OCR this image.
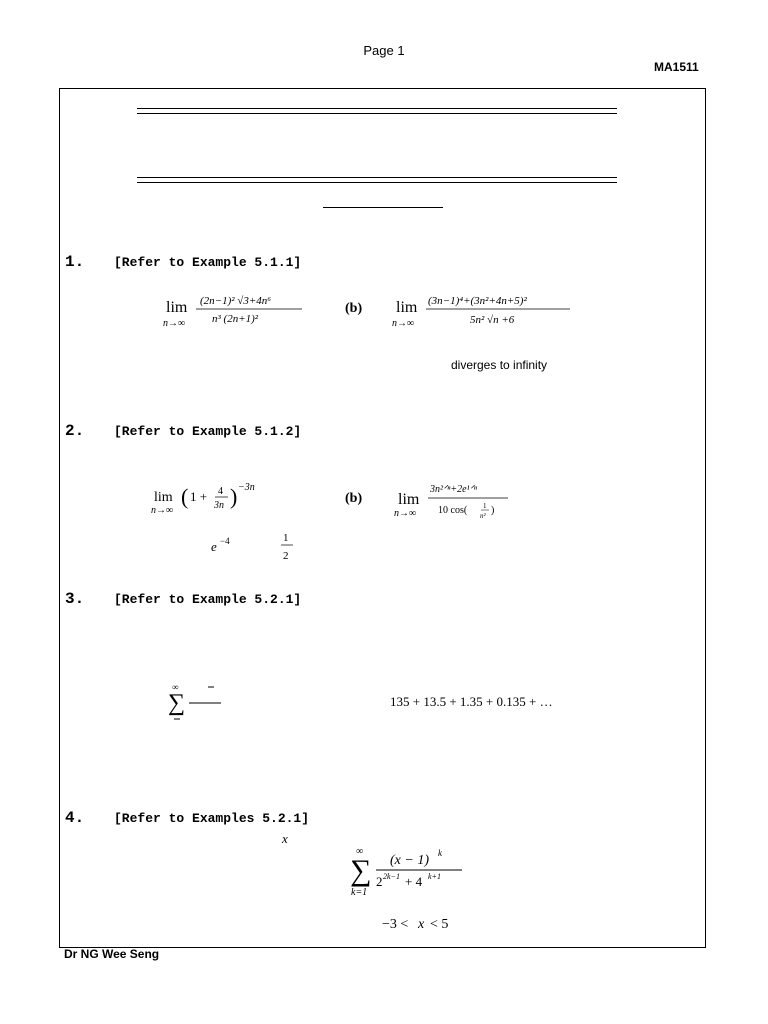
Page 1
MA1511
1. [Refer to Example 5.1.1]
lim
n→∞
(2n−1)² √3+4n⁶
n³ (2n+1)²
(b) lim
n→∞
(3n−1)⁴+(3n²+4n+5)²
5n² √n +6
diverges to infinity
2. [Refer to Example 5.1.2]
lim
n→∞
( 1 + 4
3n ) −3n
(b) lim
n→∞
3n²ᐟⁿ+2e¹ᐟⁿ
10 cos( 1
n² )
e −4	1
2
3. [Refer to Example 5.2.1]
∞
∑	135 + 13.5 + 1.35 + 0.135 + …
4. [Refer to Examples 5.2.1]
x
∞
∑
k=1
(x − 1) k
2 2k−1 + 4 k+1
−3 < x < 5
Dr NG Wee Seng
